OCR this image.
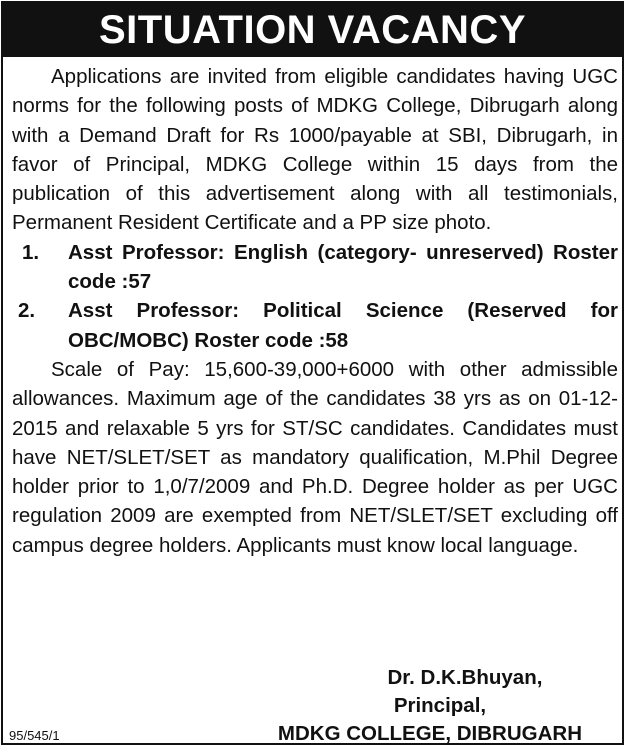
SITUATION VACANCY

Applications are invited from eligible candidates having UGC norms for the following posts of MDKG College, Dibrugarh along with a Demand Draft for Rs 1000/payable at SBI, Dibrugarh, in favor of Principal, MDKG College within 15 days from the publication of this advertisement along with all testimonials, Permanent Resident Certificate and a PP size photo.

1.	Asst Professor: English (category- unreserved) Roster code :57
2.	Asst Professor: Political Science (Reserved for OBC/MOBC) Roster code :58

Scale of Pay: 15,600-39,000+6000 with other admissible allowances. Maximum age of the candidates 38 yrs as on 01-12-2015 and relaxable 5 yrs for ST/SC candidates. Candidates must have NET/SLET/SET as mandatory qualification, M.Phil Degree holder prior to 1,0/7/2009 and Ph.D. Degree holder as per UGC regulation 2009 are exempted from NET/SLET/SET excluding off campus degree holders. Applicants must know local language.

Dr. D.K.Bhuyan,
Principal,
MDKG COLLEGE, DIBRUGARH
95/545/1
